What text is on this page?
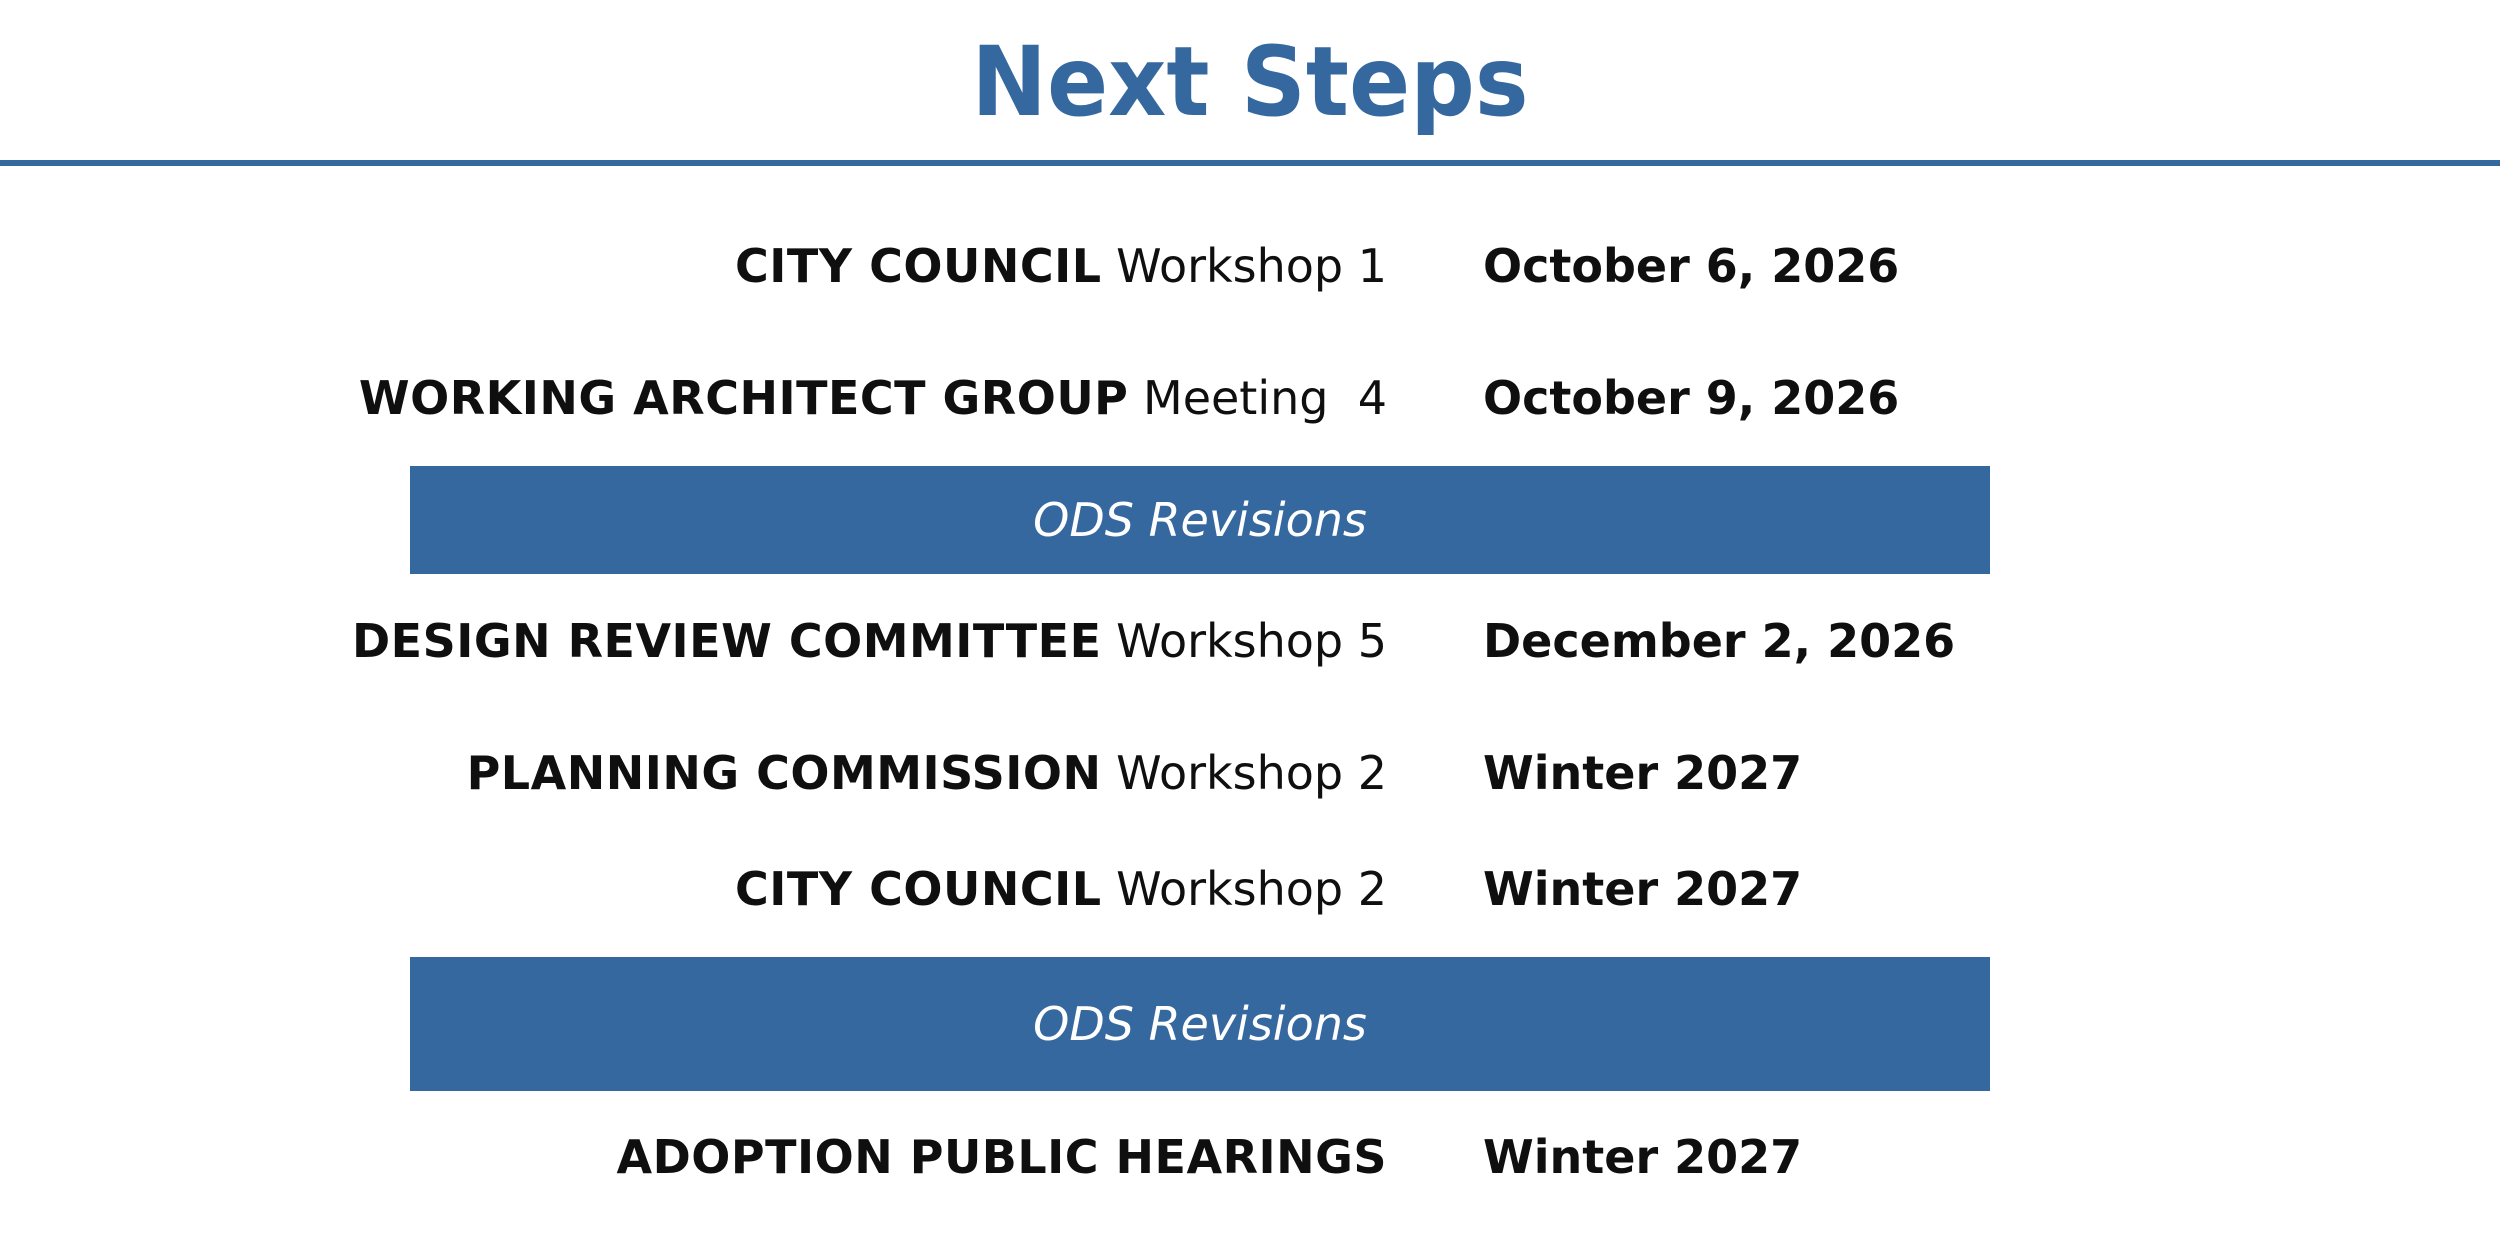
Next Steps
CITY COUNCIL Workshop 1 October 6, 2026
WORKING ARCHITECT GROUP Meeting  4 October 9, 2026
ODS Revisions
DESIGN REVIEW COMMITTEE Workshop 5 December 2, 2026
PLANNING COMMISSION Workshop 2 Winter 2027
CITY COUNCIL Workshop 2 Winter 2027
ODS Revisions
ADOPTION PUBLIC HEARINGS Winter 2027
